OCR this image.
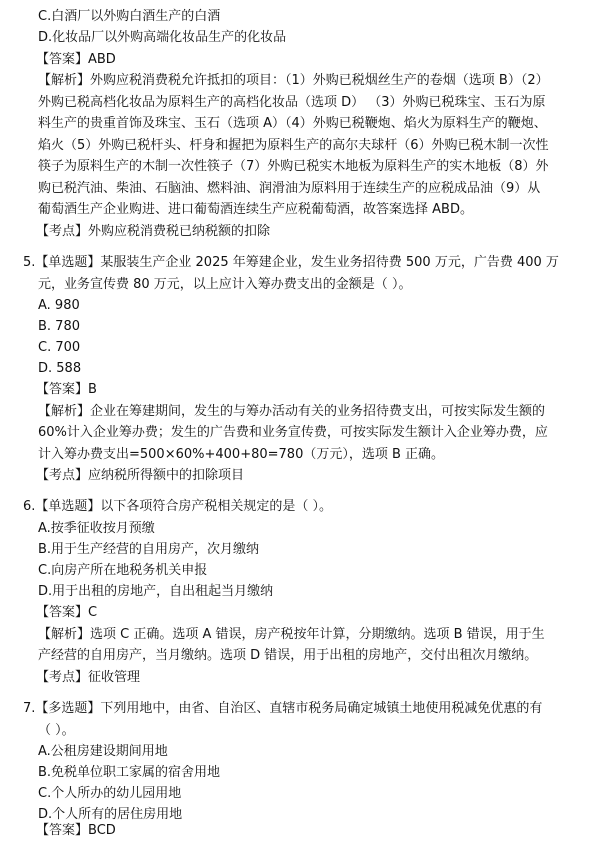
C.白酒厂以外购白酒生产的白酒
D.化妆品厂以外购高端化妆品生产的化妆品
【答案】ABD
【解析】外购应税消费税允许抵扣的项目：（1）外购已税烟丝生产的卷烟（选项 B）（2）
外购已税高档化妆品为原料生产的高档化妆品（选项 D） （3）外购已税珠宝、玉石为原
料生产的贵重首饰及珠宝、玉石（选项 A）（4）外购已税鞭炮、焰火为原料生产的鞭炮、
焰火（5）外购已税杆头、杆身和握把为原料生产的高尔夫球杆（6）外购已税木制一次性
筷子为原料生产的木制一次性筷子（7）外购已税实木地板为原料生产的实木地板（8）外
购已税汽油、柴油、石脑油、燃料油、润滑油为原料用于连续生产的应税成品油（9）从
葡萄酒生产企业购进、进口葡萄酒连续生产应税葡萄酒，故答案选择 ABD。
【考点】外购应税消费税已纳税额的扣除
5.【单选题】某服装生产企业 2025 年筹建企业，发生业务招待费 500 万元，广告费 400 万
元，业务宣传费 80 万元，以上应计入筹办费支出的金额是（ ）。
A. 980
B. 780
C. 700
D. 588
【答案】B
【解析】企业在筹建期间，发生的与筹办活动有关的业务招待费支出，可按实际发生额的
60%计入企业筹办费；发生的广告费和业务宣传费，可按实际发生额计入企业筹办费，应
计入筹办费支出=500×60%+400+80=780（万元），选项 B 正确。
【考点】应纳税所得额中的扣除项目
6.【单选题】以下各项符合房产税相关规定的是（ ）。
A.按季征收按月预缴
B.用于生产经营的自用房产，次月缴纳
C.向房产所在地税务机关申报
D.用于出租的房地产，自出租起当月缴纳
【答案】C
【解析】选项 C 正确。选项 A 错误，房产税按年计算，分期缴纳。选项 B 错误，用于生
产经营的自用房产，当月缴纳。选项 D 错误，用于出租的房地产，交付出租次月缴纳。
【考点】征收管理
7.【多选题】下列用地中，由省、自治区、直辖市税务局确定城镇土地使用税减免优惠的有
（ ）。
A.公租房建设期间用地
B.免税单位职工家属的宿舍用地
C.个人所办的幼儿园用地
D.个人所有的居住房用地
【答案】BCD
